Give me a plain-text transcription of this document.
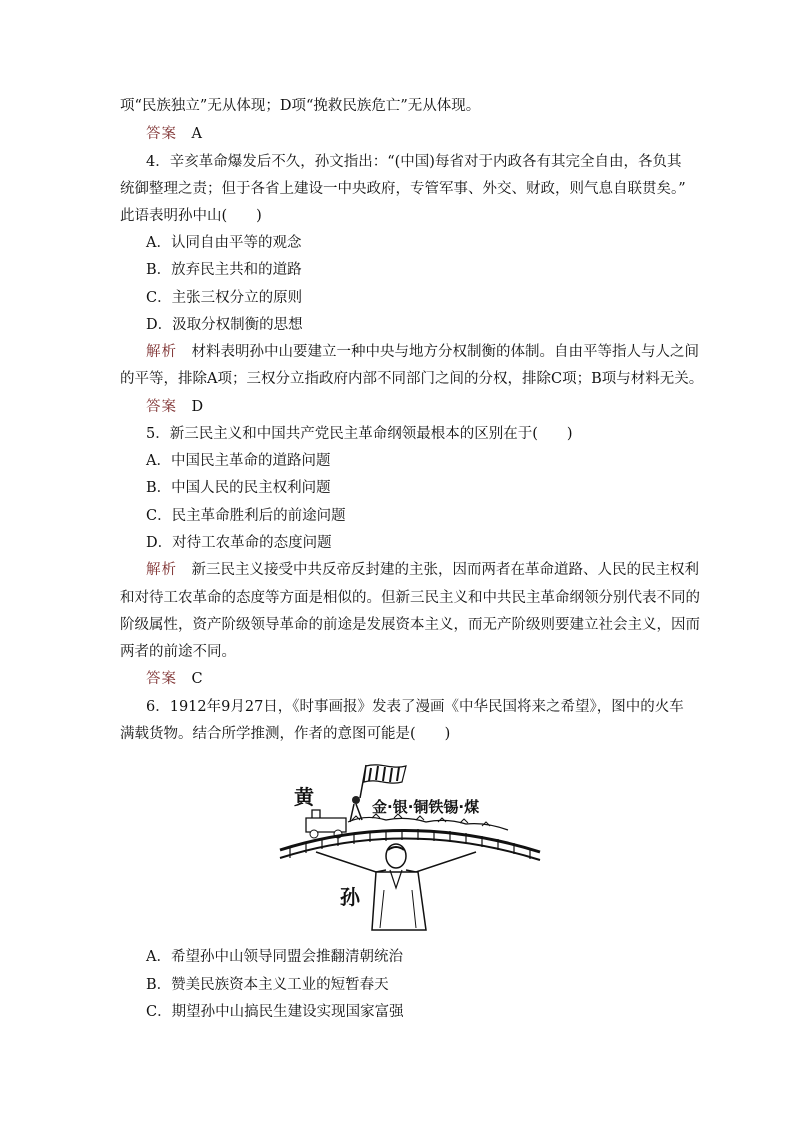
项“民族独立”无从体现；D项“挽救民族危亡”无从体现。
答案  A
4．辛亥革命爆发后不久，孙文指出：“(中国)每省对于内政各有其完全自由，各负其
统御整理之责；但于各省上建设一中央政府，专管军事、外交、财政，则气息自联贯矣。”
此语表明孙中山(　　)
A．认同自由平等的观念
B．放弃民主共和的道路
C．主张三权分立的原则
D．汲取分权制衡的思想
解析  材料表明孙中山要建立一种中央与地方分权制衡的体制。自由平等指人与人之间
的平等，排除A项；三权分立指政府内部不同部门之间的分权，排除C项；B项与材料无关。
答案  D
5．新三民主义和中国共产党民主革命纲领最根本的区别在于(　　)
A．中国民主革命的道路问题
B．中国人民的民主权利问题
C．民主革命胜利后的前途问题
D．对待工农革命的态度问题
解析  新三民主义接受中共反帝反封建的主张，因而两者在革命道路、人民的民主权利
和对待工农革命的态度等方面是相似的。但新三民主义和中共民主革命纲领分别代表不同的
阶级属性，资产阶级领导革命的前途是发展资本主义，而无产阶级则要建立社会主义，因而
两者的前途不同。
答案  C
6．1912年9月27日，《时事画报》发表了漫画《中华民国将来之希望》，图中的火车
满载货物。结合所学推测，作者的意图可能是(　　)
黄	金·银·铜铁锡·煤
孙
A．希望孙中山领导同盟会推翻清朝统治
B．赞美民族资本主义工业的短暂春天
C．期望孙中山搞民生建设实现国家富强
